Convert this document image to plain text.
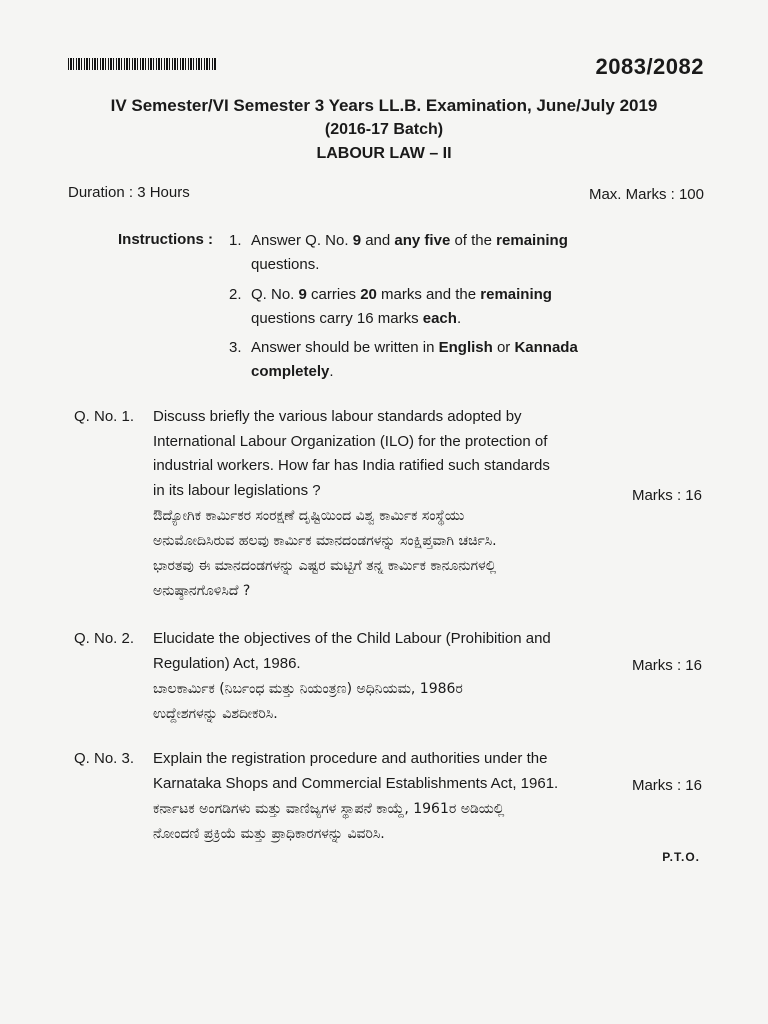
2083/2082
IV Semester/VI Semester 3 Years LL.B. Examination, June/July 2019
(2016-17 Batch)
LABOUR LAW – II
Duration : 3 Hours	Max. Marks : 100
Instructions : 1. Answer Q. No. 9 and any five of the remaining
questions.
2. Q. No. 9 carries 20 marks and the remaining
questions carry 16 marks each.
3. Answer should be written in English or Kannada
completely.
Q. No. 1. Discuss briefly the various labour standards adopted by
International Labour Organization (ILO) for the protection of
industrial workers. How far has India ratified such standards
in its labour legislations ?	Marks : 16
ಔದ್ಯೋಗಿಕ ಕಾರ್ಮಿಕರ ಸಂರಕ್ಷಣೆ ದೃಷ್ಟಿಯಿಂದ ವಿಶ್ವ ಕಾರ್ಮಿಕ ಸಂಸ್ಥೆಯು
ಅನುಮೋದಿಸಿರುವ ಹಲವು ಕಾರ್ಮಿಕ ಮಾನದಂಡಗಳನ್ನು ಸಂಕ್ಷಿಪ್ತವಾಗಿ ಚರ್ಚಿಸಿ.
ಭಾರತವು ಈ ಮಾನದಂಡಗಳನ್ನು ಎಷ್ಟರ ಮಟ್ಟಿಗೆ ತನ್ನ ಕಾರ್ಮಿಕ ಕಾನೂನುಗಳಲ್ಲಿ
ಅನುಷ್ಠಾನಗೊಳಿಸಿದೆ ?
Q. No. 2. Elucidate the objectives of the Child Labour (Prohibition and
Regulation) Act, 1986.	Marks : 16
ಬಾಲಕಾರ್ಮಿಕ (ನಿರ್ಬಂಧ ಮತ್ತು ನಿಯಂತ್ರಣ) ಅಧಿನಿಯಮ, 1986ರ
ಉದ್ದೇಶಗಳನ್ನು ವಿಶದೀಕರಿಸಿ.
Q. No. 3. Explain the registration procedure and authorities under the
Karnataka Shops and Commercial Establishments Act, 1961.	Marks : 16
ಕರ್ನಾಟಕ ಅಂಗಡಿಗಳು ಮತ್ತು ವಾಣಿಜ್ಯಗಳ ಸ್ಥಾಪನೆ ಕಾಯ್ದೆ, 1961ರ ಅಡಿಯಲ್ಲಿ
ನೋಂದಣಿ ಪ್ರಕ್ರಿಯೆ ಮತ್ತು ಪ್ರಾಧಿಕಾರಗಳನ್ನು ವಿವರಿಸಿ.
P.T.O.
